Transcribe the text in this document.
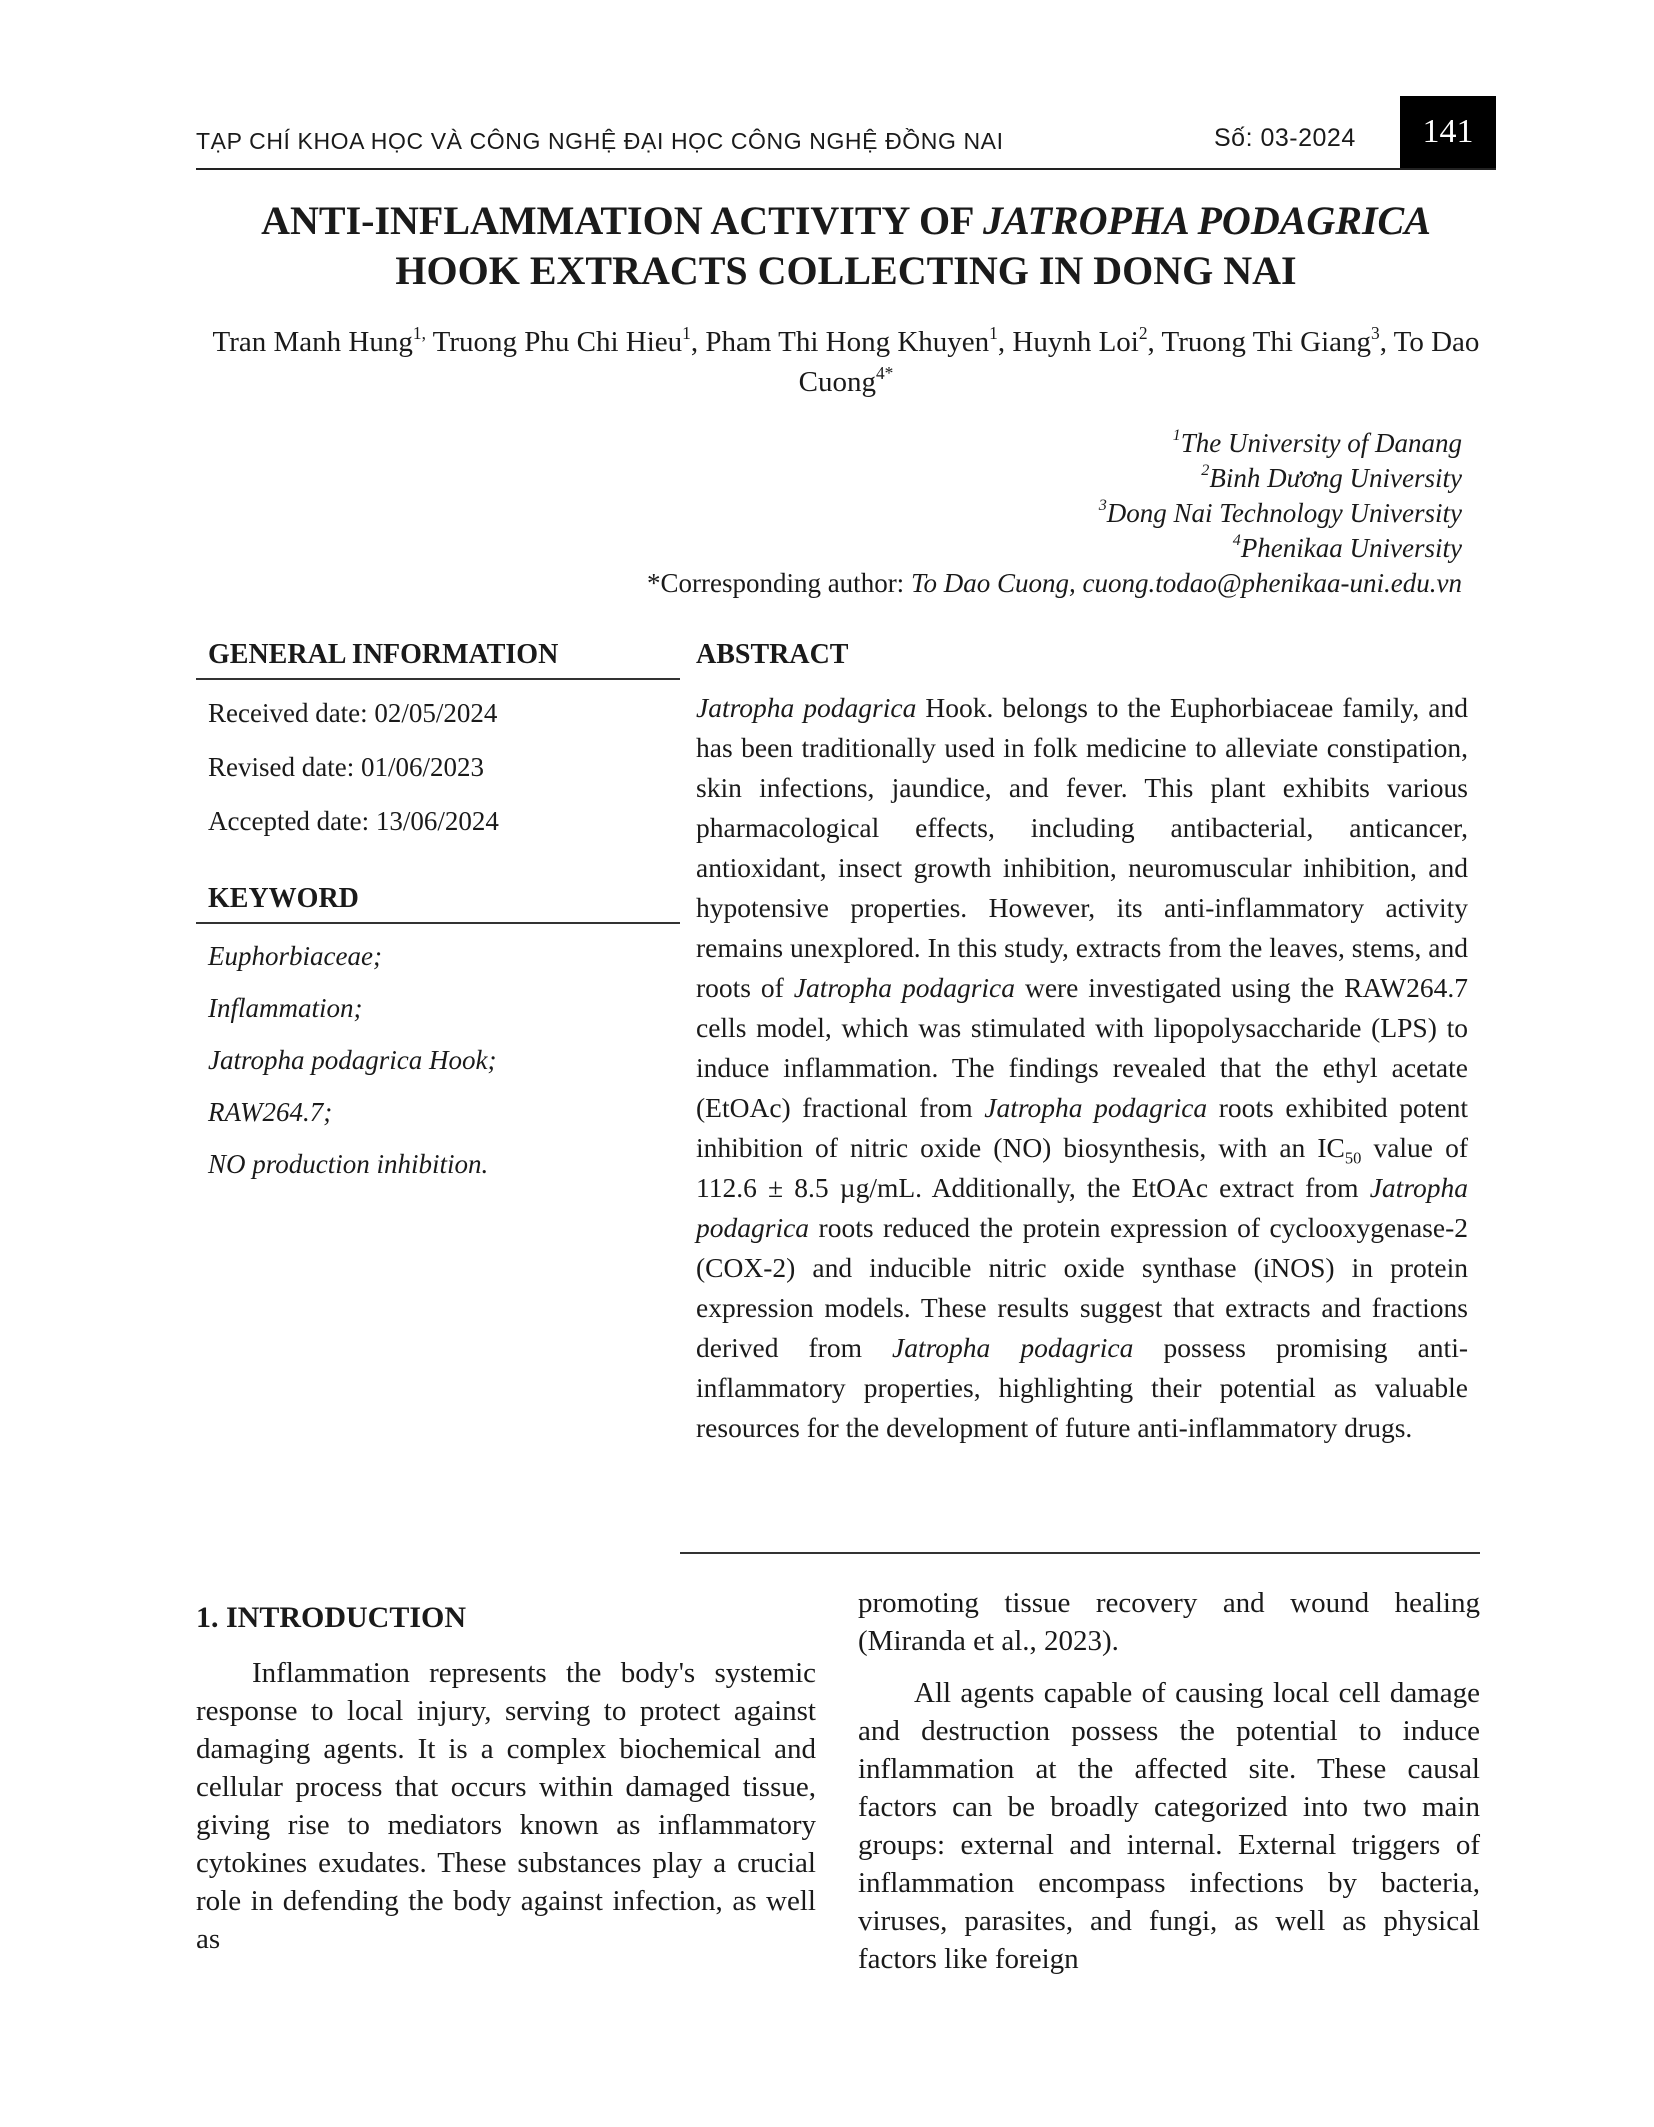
TẠP CHÍ KHOA HỌC VÀ CÔNG NGHỆ ĐẠI HỌC CÔNG NGHỆ ĐỒNG NAI	Số: 03-2024	141
ANTI-INFLAMMATION ACTIVITY OF JATROPHA PODAGRICA
HOOK EXTRACTS COLLECTING IN DONG NAI
Tran Manh Hung$^{1,}$ Truong Phu Chi Hieu$^1$, Pham Thi Hong Khuyen$^1$, Huynh Loi$^2$, Truong Thi Giang$^3$, To Dao Cuong$^{4*}$
$^1$The University of Danang
$^2$Binh Dương University
$^3$Dong Nai Technology University
$^4$Phenikaa University
*Corresponding author: To Dao Cuong, cuong.todao@phenikaa-uni.edu.vn
GENERAL INFORMATION
Received date: 02/05/2024
Revised date: 01/06/2023
Accepted date: 13/06/2024
KEYWORD
Euphorbiaceae;
Inflammation;
Jatropha podagrica Hook;
RAW264.7;
NO production inhibition.
ABSTRACT
Jatropha podagrica Hook. belongs to the Euphorbiaceae family, and has been traditionally used in folk medicine to alleviate constipation, skin infections, jaundice, and fever. This plant exhibits various pharmacological effects, including antibacterial, anticancer, antioxidant, insect growth inhibition, neuromuscular inhibition, and hypotensive properties. However, its anti-inflammatory activity remains unexplored. In this study, extracts from the leaves, stems, and roots of Jatropha podagrica were investigated using the RAW264.7 cells model, which was stimulated with lipopolysaccharide (LPS) to induce inflammation. The findings revealed that the ethyl acetate (EtOAc) fractional from Jatropha podagrica roots exhibited potent inhibition of nitric oxide (NO) biosynthesis, with an $IC_{50}$ value of 112.6 ± 8.5 µg/mL. Additionally, the EtOAc extract from Jatropha podagrica roots reduced the protein expression of cyclooxygenase-2 (COX-2) and inducible nitric oxide synthase (iNOS) in protein expression models. These results suggest that extracts and fractions derived from Jatropha podagrica possess promising anti-inflammatory properties, highlighting their potential as valuable resources for the development of future anti-inflammatory drugs.
1. INTRODUCTION

Inflammation represents the body's systemic response to local injury, serving to protect against damaging agents. It is a complex biochemical and cellular process that occurs within damaged tissue, giving rise to mediators known as inflammatory cytokines exudates. These substances play a crucial role in defending the body against infection, as well as

promoting tissue recovery and wound healing (Miranda et al., 2023).

All agents capable of causing local cell damage and destruction possess the potential to induce inflammation at the affected site. These causal factors can be broadly categorized into two main groups: external and internal. External triggers of inflammation encompass infections by bacteria, viruses, parasites, and fungi, as well as physical factors like foreign
